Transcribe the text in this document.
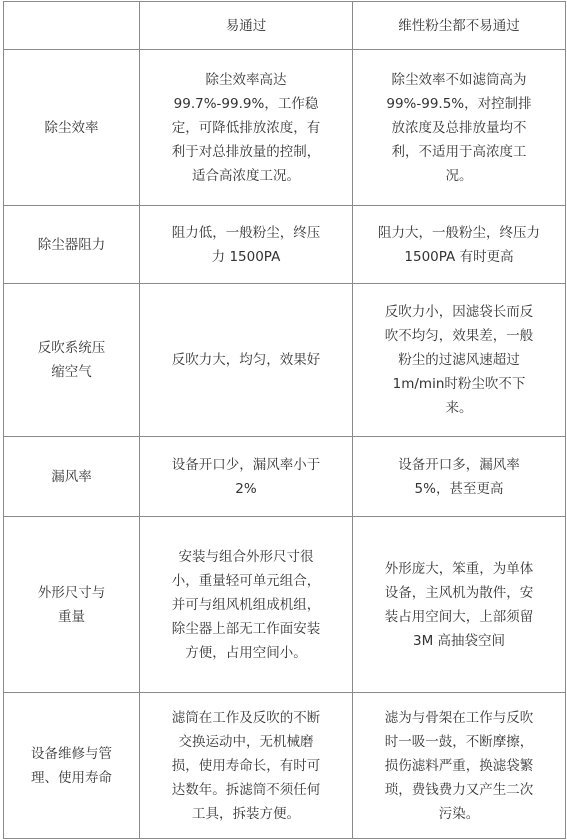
	易通过	维性粉尘都不易通过
除尘效率	除尘效率高达99.7%-99.9%，工作稳定，可降低排放浓度，有利于对总排放量的控制，适合高浓度工况。	除尘效率不如滤筒高为 99%-99.5%，对控制排放浓度及总排放量均不利，不适用于高浓度工况。
除尘器阻力	阻力低，一般粉尘，终压力 1500PA	阻力大，一般粉尘，终压力 1500PA 有时更高
反吹系统压缩空气	反吹力大，均匀，效果好	反吹力小，因滤袋长而反吹不均匀，效果差，一般粉尘的过滤风速超过 1m/min时粉尘吹不下来。
漏风率	设备开口少，漏风率小于 2%	设备开口多，漏风率 5%，甚至更高
外形尺寸与重量	安装与组合外形尺寸很小，重量轻可单元组合，并可与组风机组成机组，除尘器上部无工作面安装方便，占用空间小。	外形庞大，笨重，为单体设备，主风机为散件，安装占用空间大，上部须留 3M 高抽袋空间
设备维修与管理、使用寿命	滤筒在工作及反吹的不断交换运动中，无机械磨损，使用寿命长，有时可达数年。拆滤筒不须任何工具，拆装方便。	滤为与骨架在工作与反吹时一吸一鼓，不断摩擦，损伤滤料严重，换滤袋繁琐，费钱费力又产生二次污染。
